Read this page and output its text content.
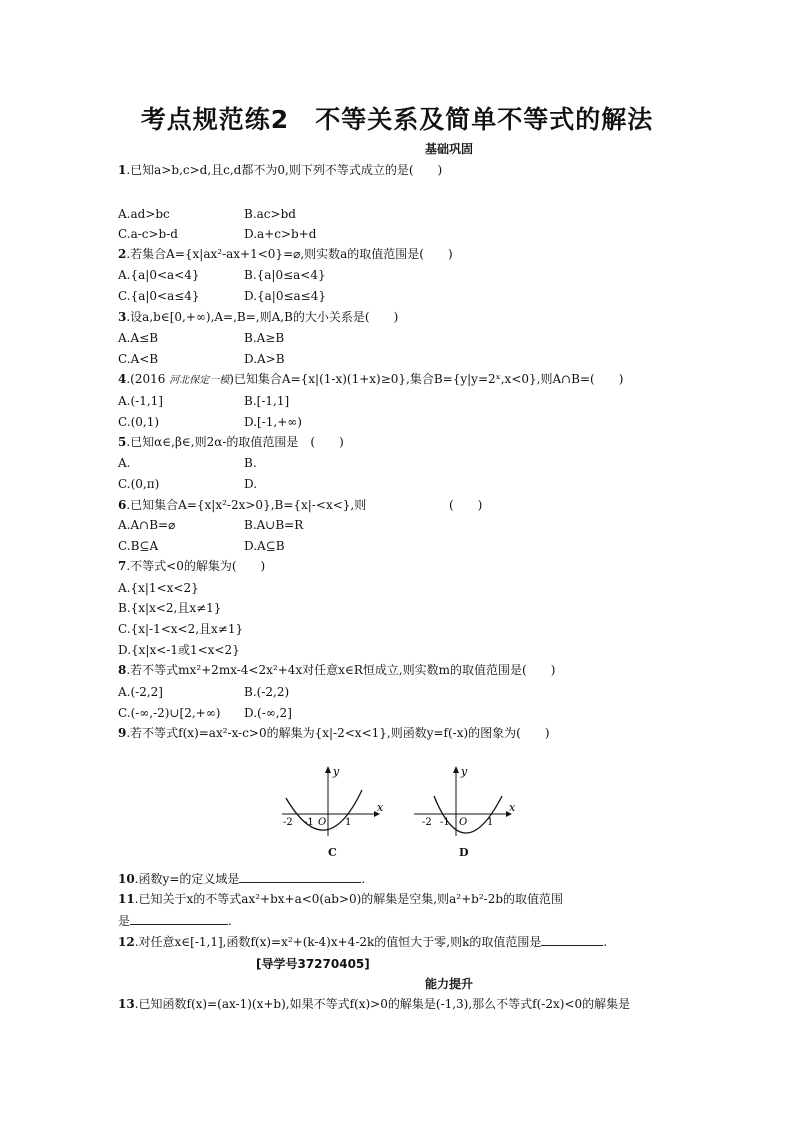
考点规范练2　不等关系及简单不等式的解法
基础巩固
1.已知a>b,c>d,且c,d都不为0,则下列不等式成立的是(　　)
A.ad>bc	B.ac>bd
C.a-c>b-d	D.a+c>b+d
2.若集合A={x|ax²-ax+1<0}=⌀,则实数a的取值范围是(　　)
A.{a|0<a<4}	B.{a|0≤a<4}
C.{a|0<a≤4}	D.{a|0≤a≤4}
3.设a,b∈[0,+∞),A=,B=,则A,B的大小关系是(　　)
A.A≤B	B.A≥B
C.A<B	D.A>B
4.(2016 河北保定一模)已知集合A={x|(1-x)(1+x)≥0},集合B={y|y=2ˣ,x<0},则A∩B=(　　)
A.(-1,1]	B.[-1,1]
C.(0,1)	D.[-1,+∞)
5.已知α∈,β∈,则2α-的取值范围是　(　　)
A.	B.
C.(0,π)	D.
6.已知集合A={x|x²-2x>0},B={x|-<x<},则	(　　)
A.A∩B=⌀	B.A∪B=R
C.B⊆A	D.A⊆B
7.不等式<0的解集为(　　)
A.{x|1<x<2}
B.{x|x<2,且x≠1}
C.{x|-1<x<2,且x≠1}
D.{x|x<-1或1<x<2}
8.若不等式mx²+2mx-4<2x²+4x对任意x∈R恒成立,则实数m的取值范围是(　　)
A.(-2,2]	B.(-2,2)
C.(-∞,-2)∪[2,+∞) D.(-∞,2]
9.若不等式f(x)=ax²-x-c>0的解集为{x|-2<x<1},则函数y=f(-x)的图象为(　　)
y
x
O
-2 -1	1
C
y
x
O
-2 -1	1
D
10.函数y=的定义域是	.
11.已知关于x的不等式ax²+bx+a<0(ab>0)的解集是空集,则a²+b²-2b的取值范围
是	.
12.对任意x∈[-1,1],函数f(x)=x²+(k-4)x+4-2k的值恒大于零,则k的取值范围是	.
[导学号37270405]
能力提升
13.已知函数f(x)=(ax-1)(x+b),如果不等式f(x)>0的解集是(-1,3),那么不等式f(-2x)<0的解集是
